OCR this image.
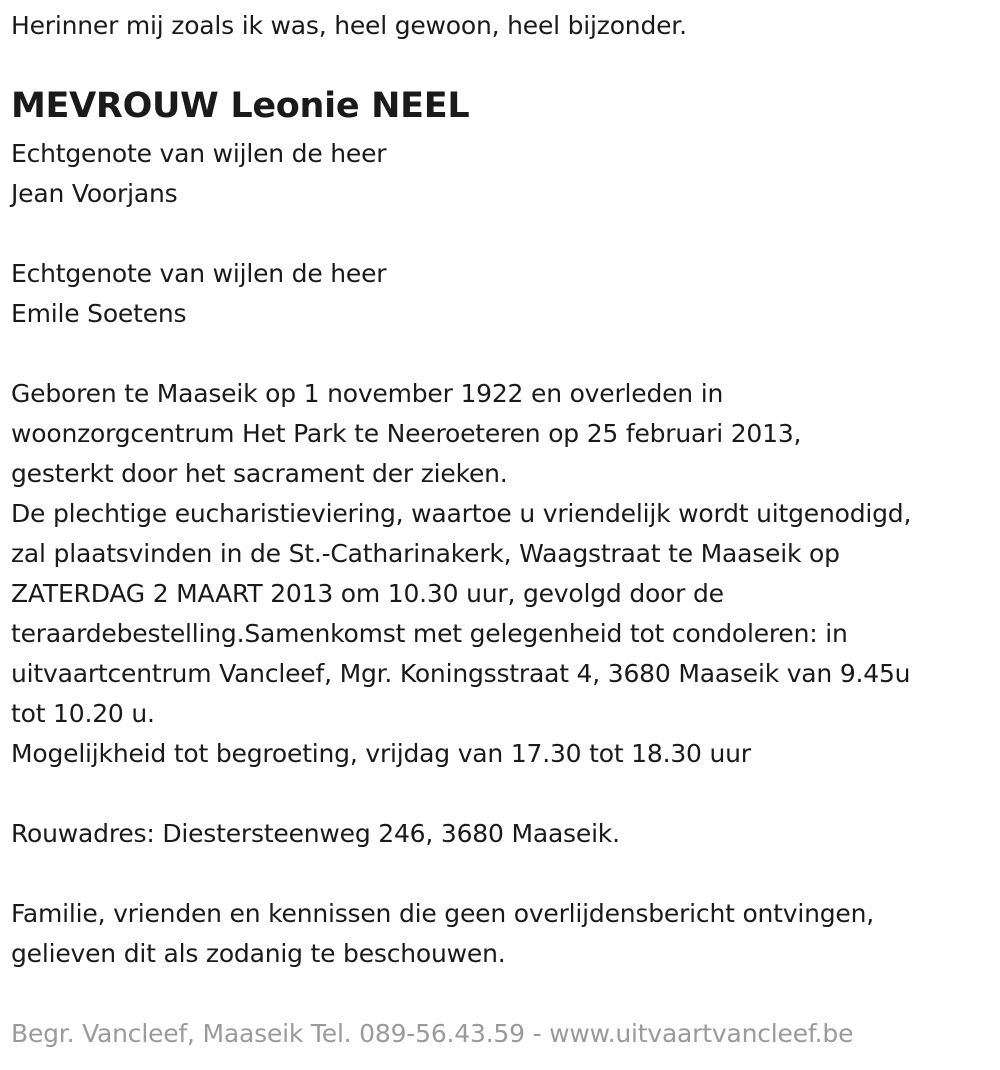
Herinner mij zoals ik was, heel gewoon, heel bijzonder.
MEVROUW Leonie NEEL
Echtgenote van wijlen de heer
Jean Voorjans
Echtgenote van wijlen de heer
Emile Soetens
Geboren te Maaseik op 1 november 1922 en overleden in
woonzorgcentrum Het Park te Neeroeteren op 25 februari 2013,
gesterkt door het sacrament der zieken.
De plechtige eucharistieviering, waartoe u vriendelijk wordt uitgenodigd,
zal plaatsvinden in de St.-Catharinakerk, Waagstraat te Maaseik op
ZATERDAG 2 MAART 2013 om 10.30 uur, gevolgd door de
teraardebestelling.Samenkomst met gelegenheid tot condoleren: in
uitvaartcentrum Vancleef, Mgr. Koningsstraat 4, 3680 Maaseik van 9.45u
tot 10.20 u.
Mogelijkheid tot begroeting, vrijdag van 17.30 tot 18.30 uur
Rouwadres: Diestersteenweg 246, 3680 Maaseik.
Familie, vrienden en kennissen die geen overlijdensbericht ontvingen,
gelieven dit als zodanig te beschouwen.
Begr. Vancleef, Maaseik Tel. 089-56.43.59 - www.uitvaartvancleef.be
